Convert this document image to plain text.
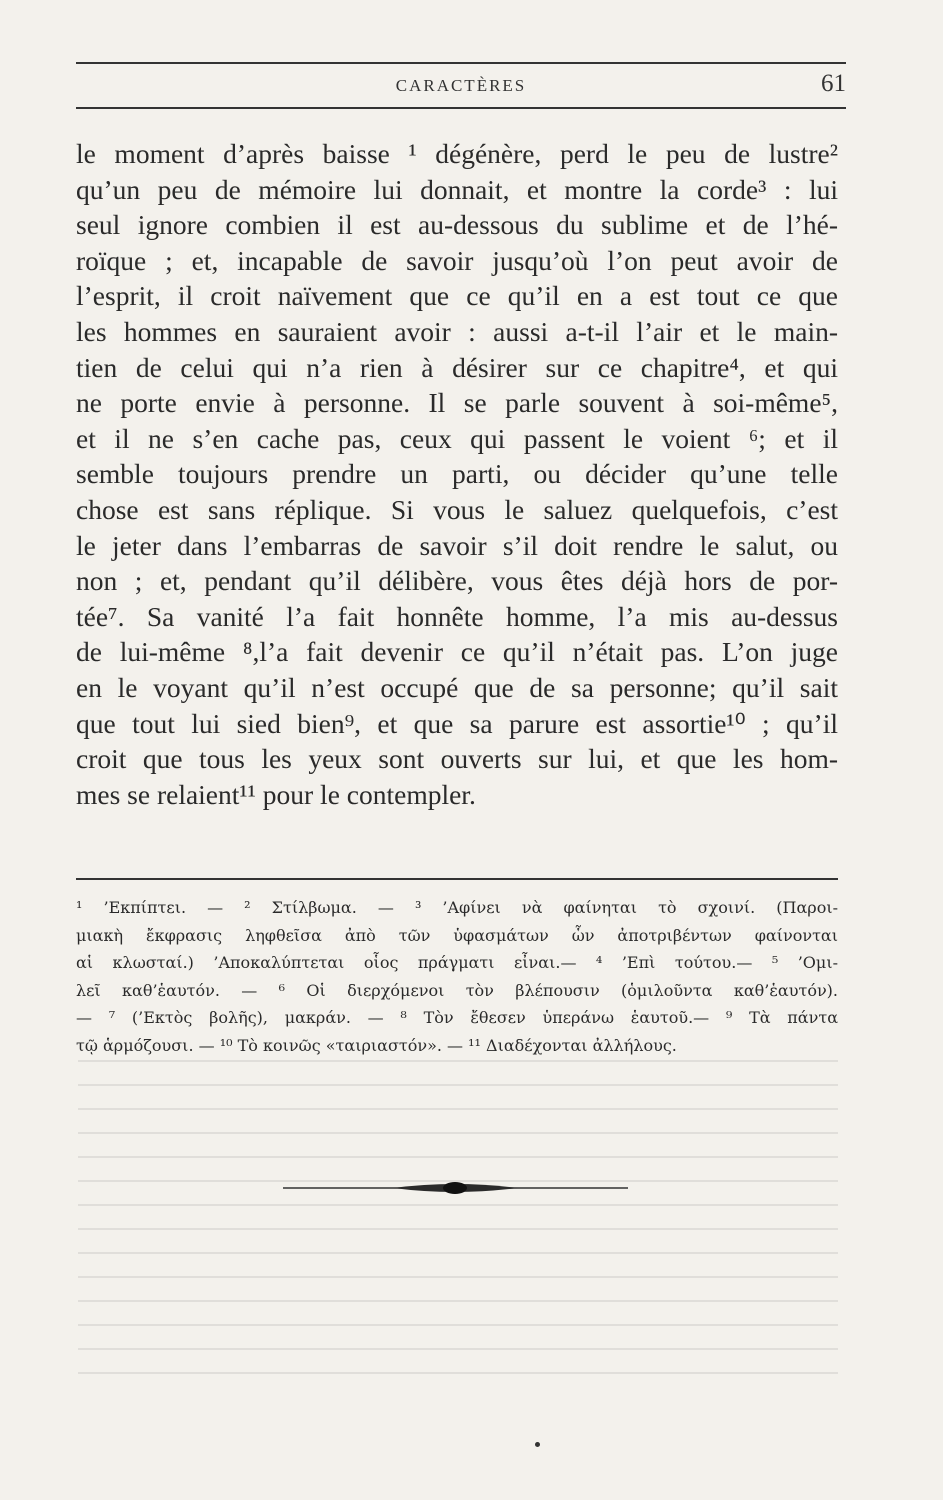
CARACTÈRES	61
le moment d’après baisse ¹ dégénère, perd le peu de lustre²
qu’un peu de mémoire lui donnait, et montre la corde³ : lui
seul ignore combien il est au-dessous du sublime et de l’hé-
roïque ; et, incapable de savoir jusqu’où l’on peut avoir de
l’esprit, il croit naïvement que ce qu’il en a est tout ce que
les hommes en sauraient avoir : aussi a-t-il l’air et le main-
tien de celui qui n’a rien à désirer sur ce chapitre⁴, et qui
ne porte envie à personne. Il se parle souvent à soi-même⁵,
et il ne s’en cache pas, ceux qui passent le voient ⁶; et il
semble toujours prendre un parti, ou décider qu’une telle
chose est sans réplique. Si vous le saluez quelquefois, c’est
le jeter dans l’embarras de savoir s’il doit rendre le salut, ou
non ; et, pendant qu’il délibère, vous êtes déjà hors de por-
tée⁷. Sa vanité l’a fait honnête homme, l’a mis au-dessus
de lui-même ⁸,l’a fait devenir ce qu’il n’était pas. L’on juge
en le voyant qu’il n’est occupé que de sa personne; qu’il sait
que tout lui sied bien⁹, et que sa parure est assortie¹⁰ ; qu’il
croit que tous les yeux sont ouverts sur lui, et que les hom-
mes se relaient¹¹ pour le contempler.
¹ ’Εκπίπτει. — ² Στίλβωμα. — ³ ’Αφίνει νὰ φαίνηται τὸ σχοινί. (Παροι-
μιακὴ ἔκφρασις ληφθεῖσα ἀπὸ τῶν ὑφασμάτων ὧν ἀποτριβέντων φαίνονται
αἱ κλωσταί.) ’Αποκαλύπτεται οἷος πράγματι εἶναι.— ⁴ ’Επὶ τούτου.— ⁵ ’Ομι-
λεῖ καθ’ἑαυτόν. — ⁶ Οἱ διερχόμενοι τὸν βλέπουσιν (ὁμιλοῦντα καθ’ἑαυτόν).
— ⁷ (’Εκτὸς βολῆς), μακράν. — ⁸ Τὸν ἔθεσεν ὑπεράνω ἑαυτοῦ.— ⁹ Τὰ πάντα
τῷ ἁρμόζουσι. — ¹⁰ Τὸ κοινῶς «ταιριαστόν». — ¹¹ Διαδέχονται ἀλλήλους.
